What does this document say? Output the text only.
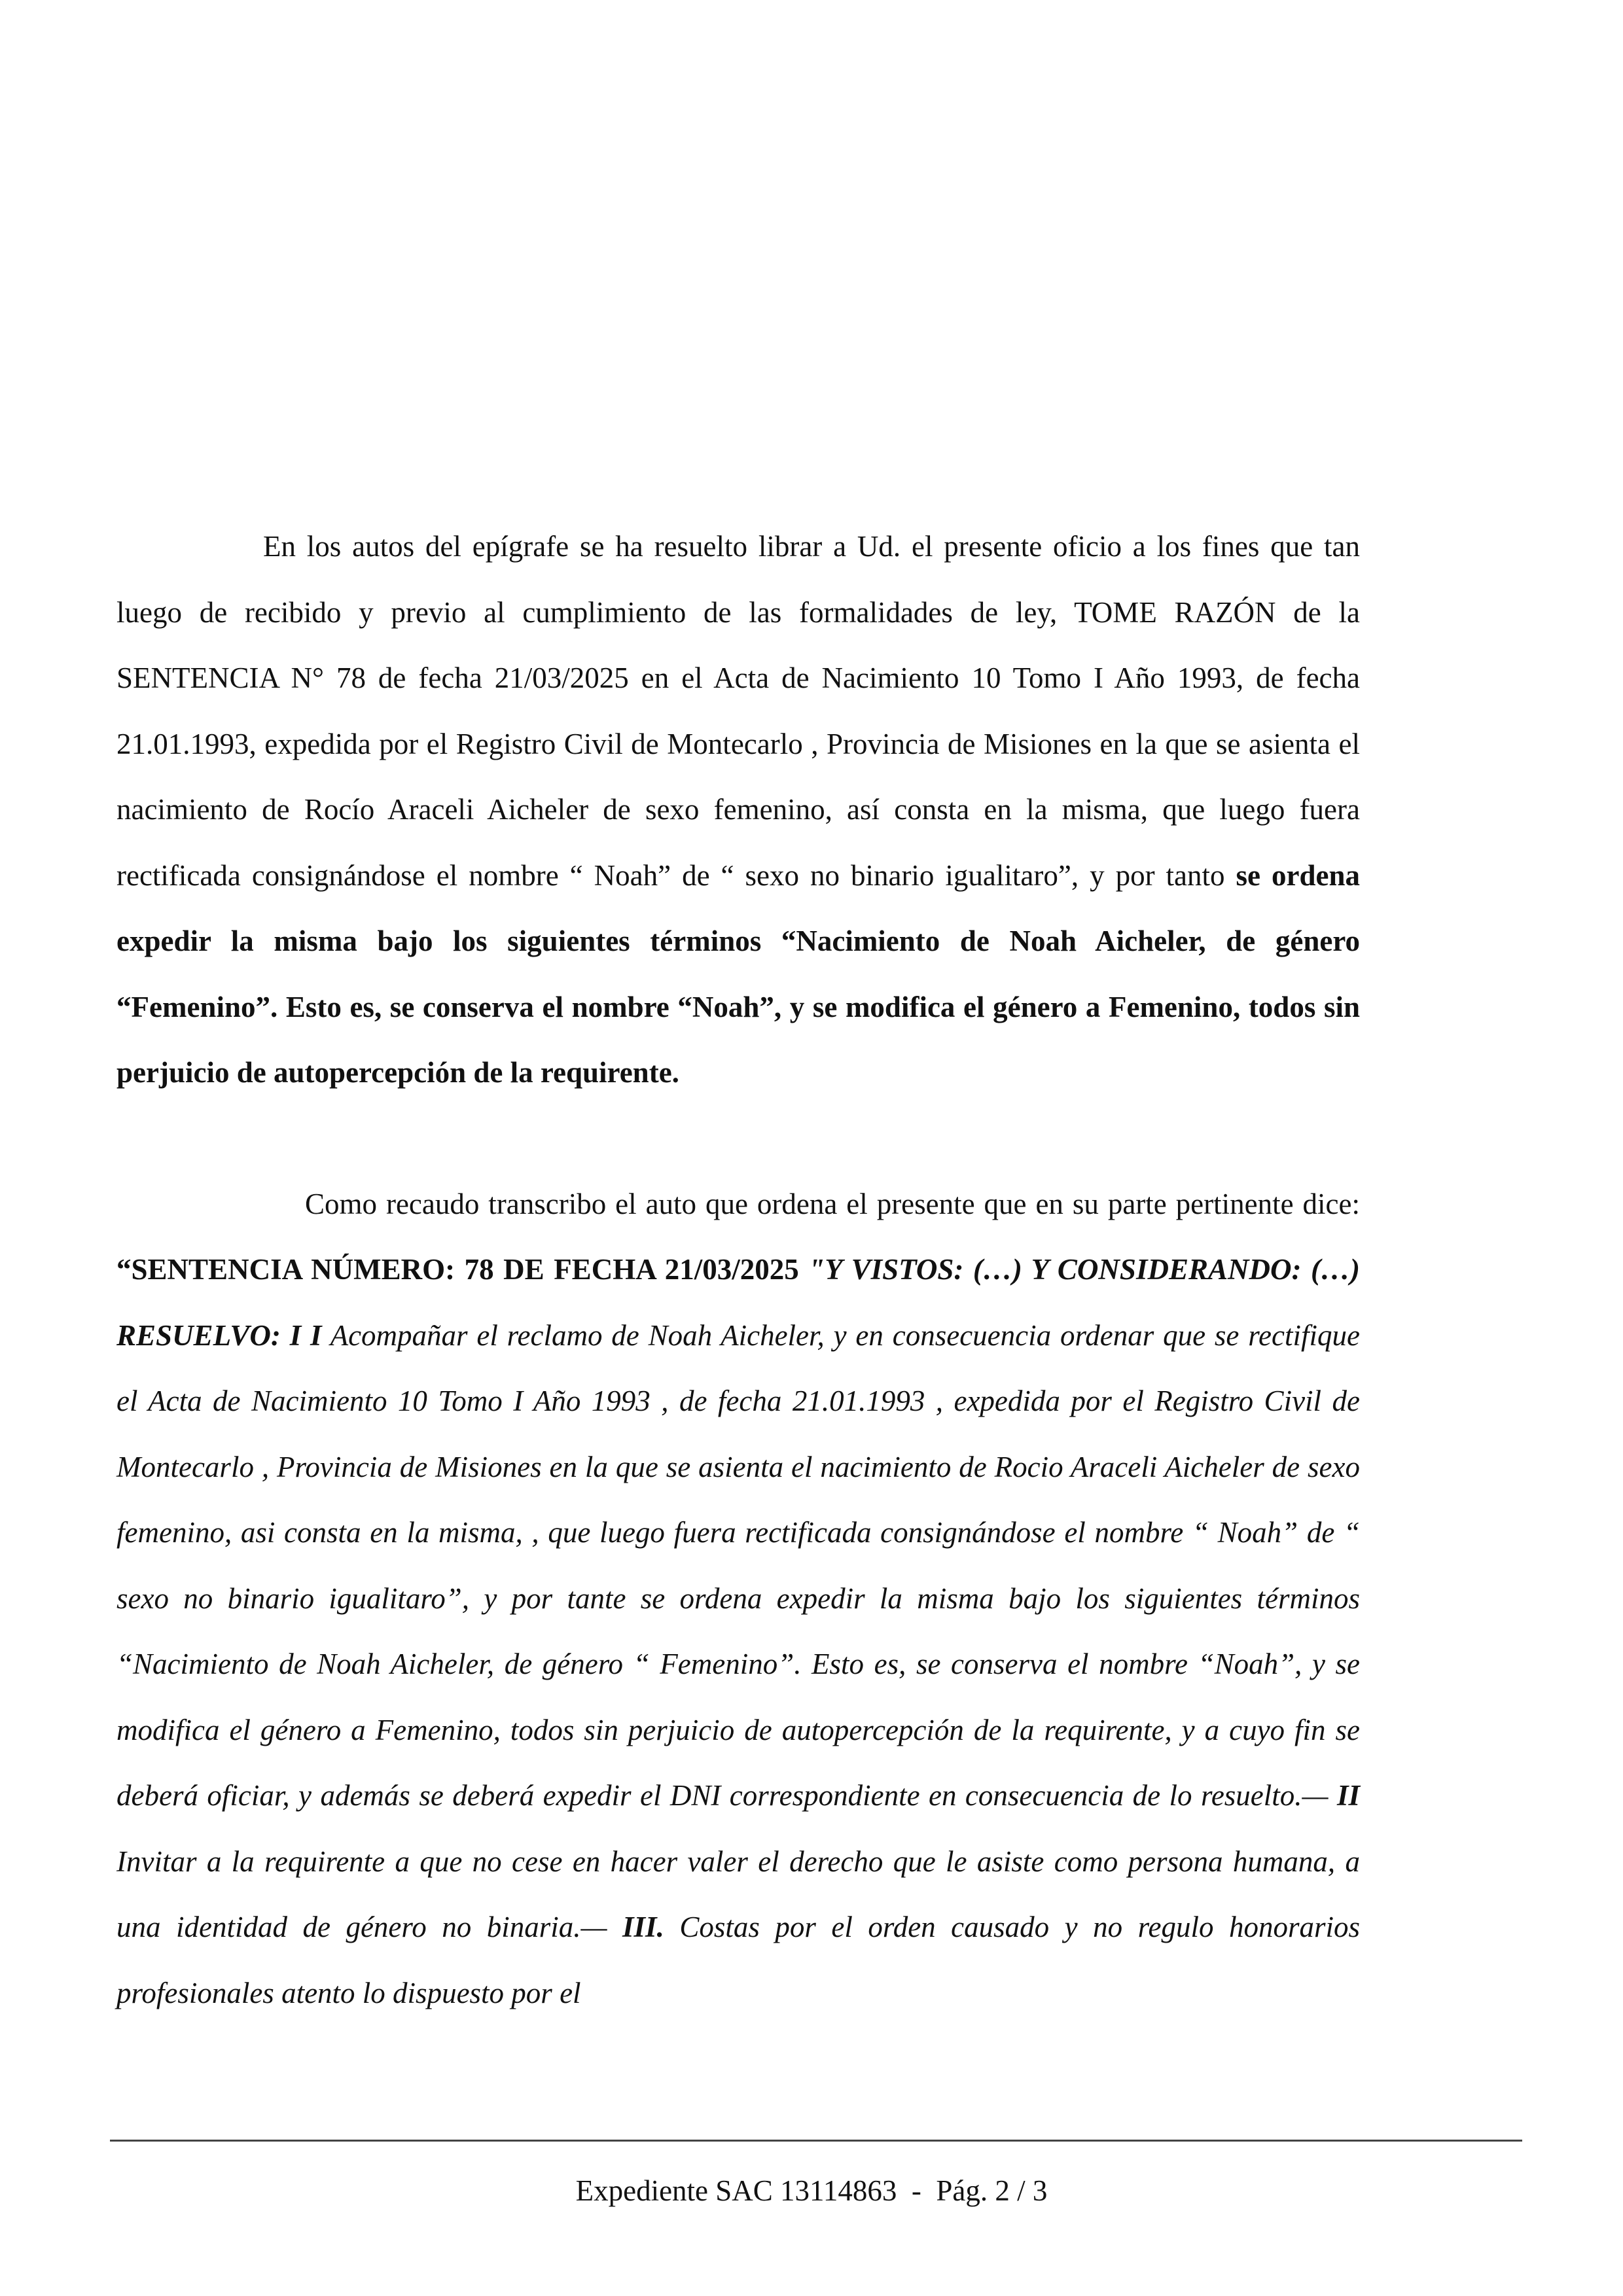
En los autos del epígrafe se ha resuelto librar a Ud. el presente oficio a los fines que tan luego de recibido y previo al cumplimiento de las formalidades de ley, TOME RAZÓN de la SENTENCIA N° 78 de fecha 21/03/2025 en el Acta de Nacimiento 10 Tomo I Año 1993, de fecha 21.01.1993, expedida por el Registro Civil de Montecarlo , Provincia de Misiones en la que se asienta el nacimiento de Rocío Araceli Aicheler de sexo femenino, así consta en la misma, que luego fuera rectificada consignándose el nombre “ Noah” de “ sexo no binario igualitaro”, y por tanto se ordena expedir la misma bajo los siguientes términos “Nacimiento de Noah Aicheler, de género “Femenino”. Esto es, se conserva el nombre “Noah”, y se modifica el género a Femenino, todos sin perjuicio de autopercepción de la requirente.

Como recaudo transcribo el auto que ordena el presente que en su parte pertinente dice: “SENTENCIA NÚMERO: 78 DE FECHA 21/03/2025 "Y VISTOS: (…) Y CONSIDERANDO: (…) RESUELVO: I I Acompañar el reclamo de Noah Aicheler, y en consecuencia ordenar que se rectifique el Acta de Nacimiento 10 Tomo I Año 1993 , de fecha 21.01.1993 , expedida por el Registro Civil de Montecarlo , Provincia de Misiones en la que se asienta el nacimiento de Rocio Araceli Aicheler de sexo femenino, asi consta en la misma, , que luego fuera rectificada consignándose el nombre “ Noah” de “ sexo no binario igualitaro”, y por tante se ordena expedir la misma bajo los siguientes términos “Nacimiento de Noah Aicheler, de género “ Femenino”. Esto es, se conserva el nombre “Noah”, y se modifica el género a Femenino, todos sin perjuicio de autopercepción de la requirente, y a cuyo fin se deberá oficiar, y además se deberá expedir el DNI correspondiente en consecuencia de lo resuelto.— II Invitar a la requirente a que no cese en hacer valer el derecho que le asiste como persona humana, a una identidad de género no binaria.— III. Costas por el orden causado y no regulo honorarios profesionales atento lo dispuesto por el

Expediente SAC 13114863  -  Pág. 2 / 3
